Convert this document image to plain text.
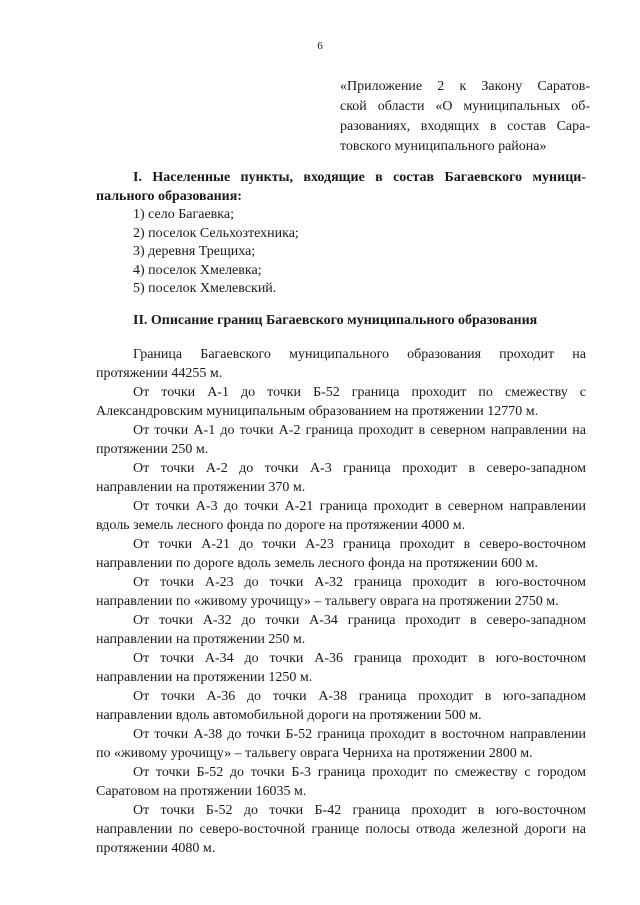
6
«Приложение 2 к Закону Саратов-
ской области «О муниципальных об-
разованиях, входящих в состав Сара-
товского муниципального района»
I. Населенные пункты, входящие в состав Багаевского муници-
пального образования:
1) село Багаевка;
2) поселок Сельхозтехника;
3) деревня Трещиха;
4) поселок Хмелевка;
5) поселок Хмелевский.
II. Описание границ Багаевского муниципального образования

Граница Багаевского муниципального образования проходит на протяжении 44255 м.

От точки А-1 до точки Б-52 граница проходит по смежеству с Александровским муниципальным образованием на протяжении 12770 м.

От точки А-1 до точки А-2 граница проходит в северном направлении на протяжении 250 м.

От точки А-2 до точки А-3 граница проходит в северо-западном направлении на протяжении 370 м.

От точки А-3 до точки А-21 граница проходит в северном направлении вдоль земель лесного фонда по дороге на протяжении 4000 м.

От точки А-21 до точки А-23 граница проходит в северо-восточном направлении по дороге вдоль земель лесного фонда на протяжении 600 м.

От точки А-23 до точки А-32 граница проходит в юго-восточном направлении по «живому урочищу» – тальвегу оврага на протяжении 2750 м.

От точки А-32 до точки А-34 граница проходит в северо-западном направлении на протяжении 250 м.

От точки А-34 до точки А-36 граница проходит в юго-восточном направлении на протяжении 1250 м.

От точки А-36 до точки А-38 граница проходит в юго-западном направлении вдоль автомобильной дороги на протяжении 500 м.

От точки А-38 до точки Б-52 граница проходит в восточном направлении по «живому урочищу» – тальвегу оврага Черниха на протяжении 2800 м.

От точки Б-52 до точки Б-3 граница проходит по смежеству с городом Саратовом на протяжении 16035 м.

От точки Б-52 до точки Б-42 граница проходит в юго-восточном направлении по северо-восточной границе полосы отвода железной дороги на протяжении 4080 м.
